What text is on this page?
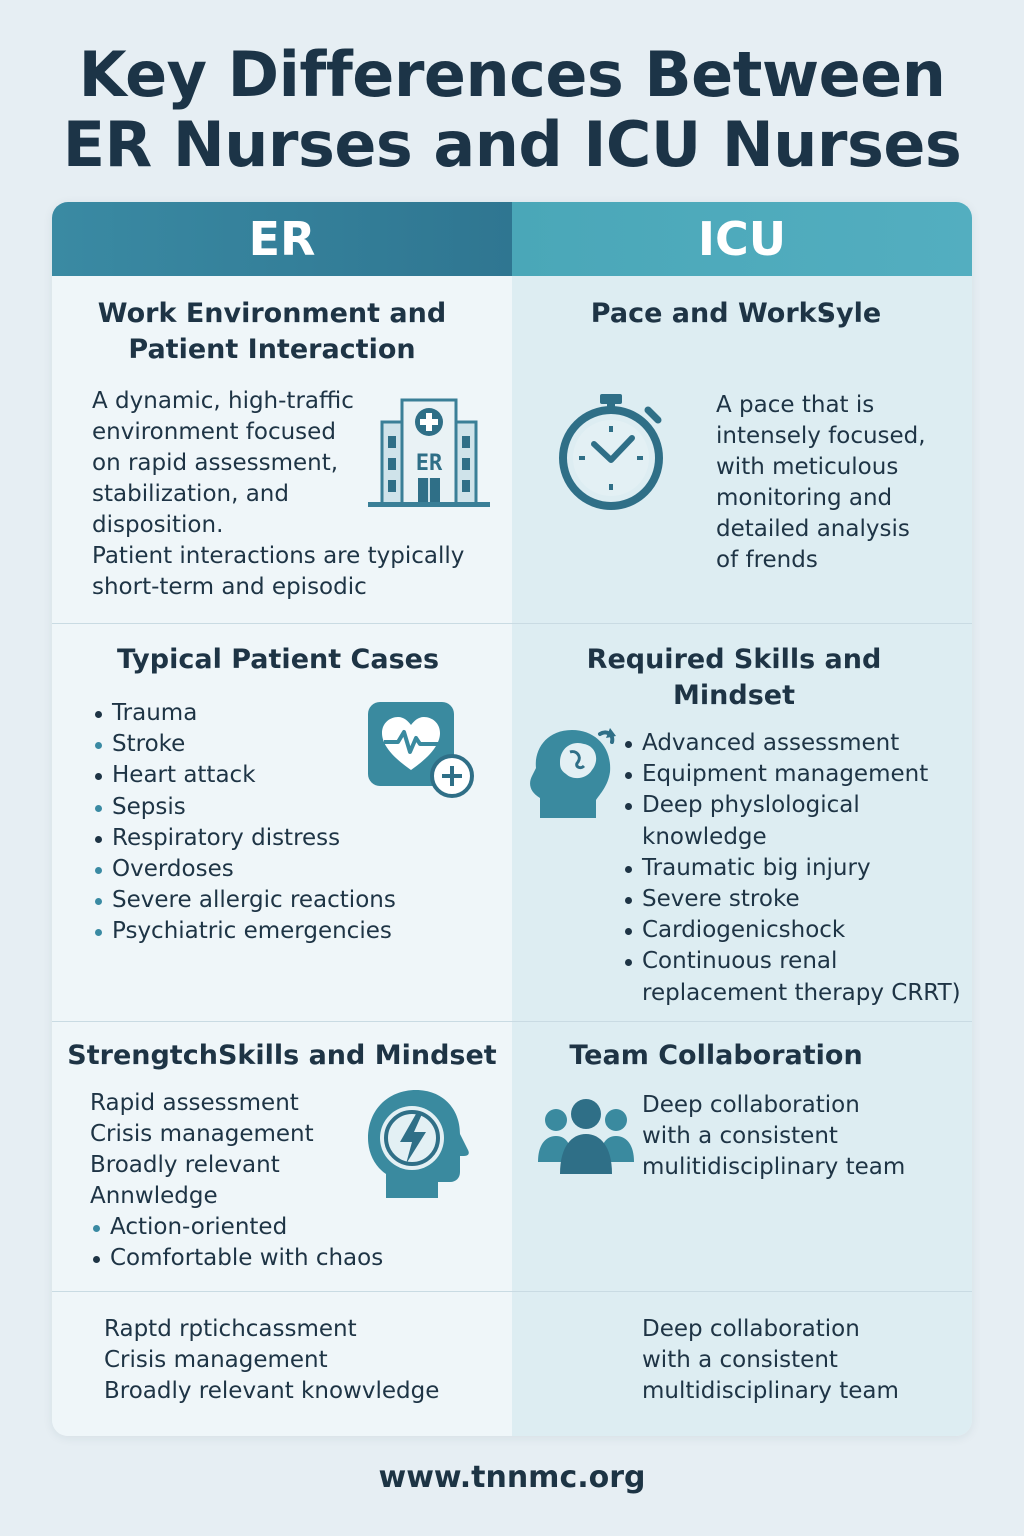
Key Differences Between
ER Nurses and ICU Nurses
ER	ICU
Work Environment and
Patient Interaction

A dynamic, high-traffic

environment focused

on rapid assessment,

stabilization, and

disposition.

Patient interactions are typically

short-term and episodic

ER
Pace and WorkS̵yle

A pace that is

intensely focused,

with meticulous

monitoring and

detailed analysis

of frends

Typical Patient Cases
Trauma
Stroke
Heart attack
Sepsis
Respiratory distress
Overdoses
Severe allergic reactions
Psychiatric emergencies
Required Skills and
Mindset
Advanced assessment
Equipment management
Deep physlological
knowledge
Traumatic big injury
Severe stroke
Cardiogenicshock
Continuous renal
replacement therapy CRRT)
StrengtchSkills and Mindset

Rapid assessment

Crisis management

Broadly relevant

Annwledge

Action-oriented
Comfortable with chaos
Team Collaboration

Deep collaboration

with a consistent

mulitidisciplinary team

Raptd rptichcassment

Crisis management

Broadly relevant knowvledge

Deep collaboration

with a consistent

multidisciplinary team

www.tnnmc.org
